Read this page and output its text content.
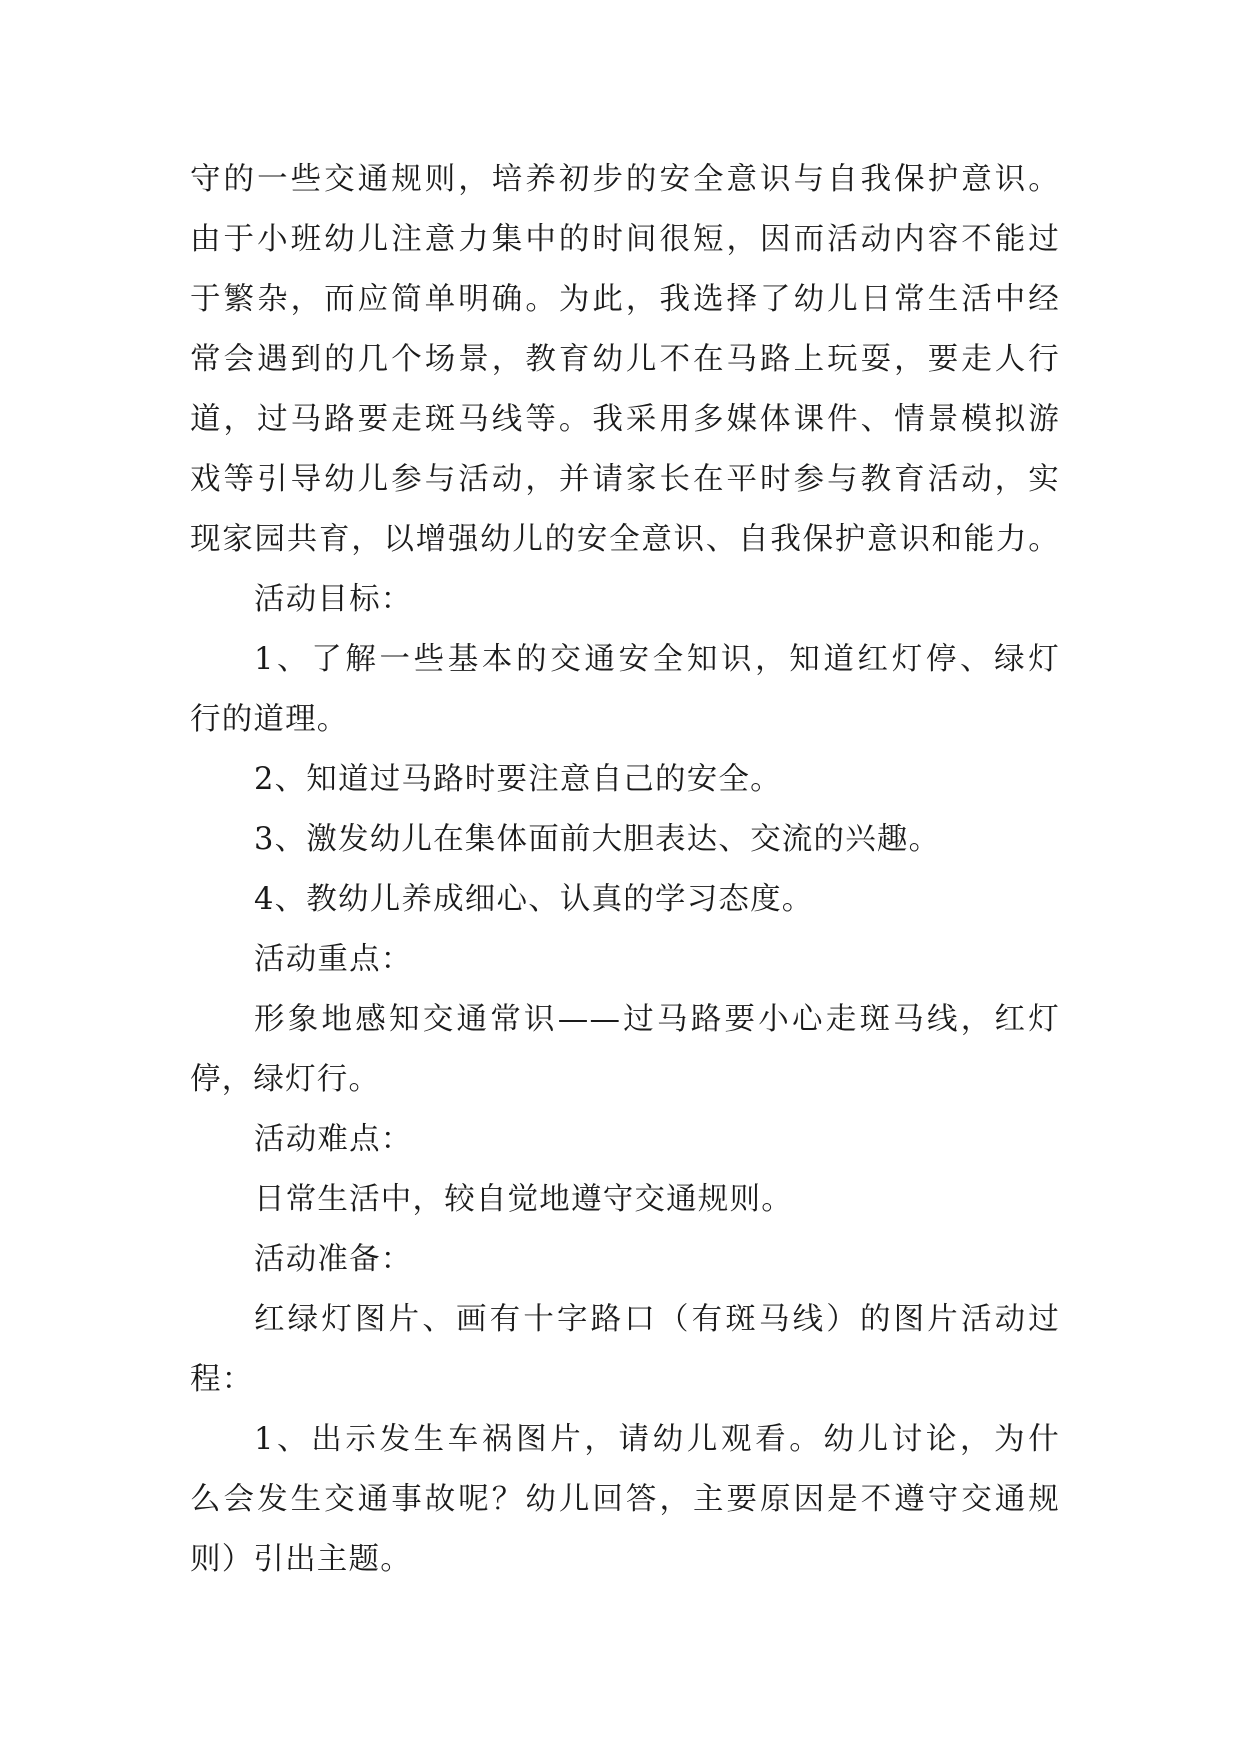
守的一些交通规则，培养初步的安全意识与自我保护意识。
由于小班幼儿注意力集中的时间很短，因而活动内容不能过
于繁杂，而应简单明确。为此，我选择了幼儿日常生活中经
常会遇到的几个场景，教育幼儿不在马路上玩耍，要走人行
道，过马路要走斑马线等。我采用多媒体课件、情景模拟游
戏等引导幼儿参与活动，并请家长在平时参与教育活动，实
现家园共育，以增强幼儿的安全意识、自我保护意识和能力。
活动目标：
1、了解一些基本的交通安全知识，知道红灯停、绿灯
行的道理。
2、知道过马路时要注意自己的安全。
3、激发幼儿在集体面前大胆表达、交流的兴趣。
4、教幼儿养成细心、认真的学习态度。
活动重点：
形象地感知交通常识——过马路要小心走斑马线，红灯
停，绿灯行。
活动难点：
日常生活中，较自觉地遵守交通规则。
活动准备：
红绿灯图片、画有十字路口（有斑马线）的图片活动过
程：
1、出示发生车祸图片，请幼儿观看。幼儿讨论，为什
么会发生交通事故呢？幼儿回答，主要原因是不遵守交通规
则）引出主题。
